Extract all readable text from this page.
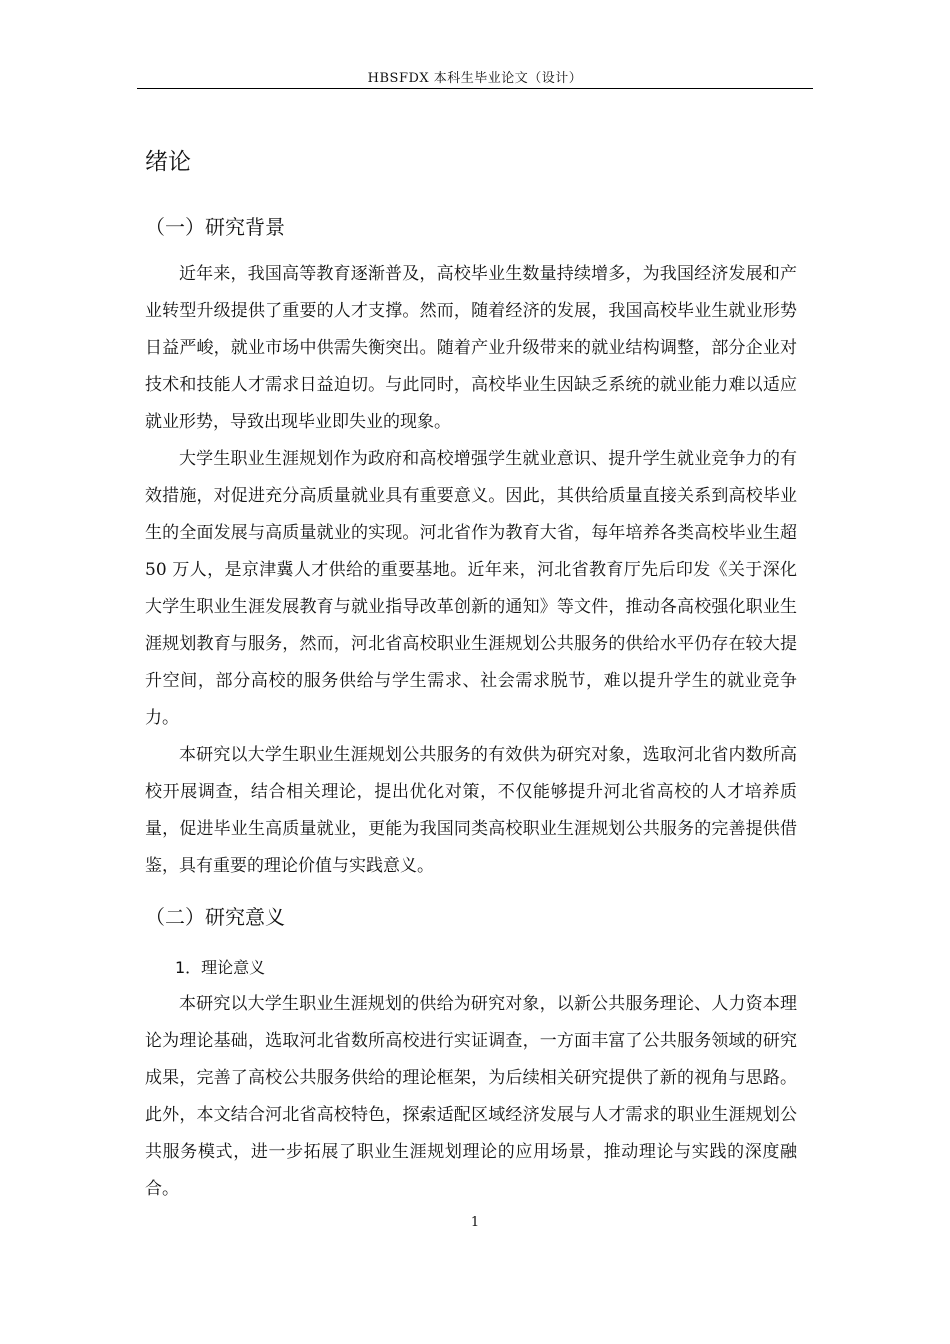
HBSFDX 本科生毕业论文（设计）
绪论
（一）研究背景

近年来，我国高等教育逐渐普及，高校毕业生数量持续增多，为我国经济发展和产业转型升级提供了重要的人才支撑。然而，随着经济的发展，我国高校毕业生就业形势日益严峻，就业市场中供需失衡突出。随着产业升级带来的就业结构调整，部分企业对技术和技能人才需求日益迫切。与此同时，高校毕业生因缺乏系统的就业能力难以适应就业形势，导致出现毕业即失业的现象。

大学生职业生涯规划作为政府和高校增强学生就业意识、提升学生就业竞争力的有效措施，对促进充分高质量就业具有重要意义。因此，其供给质量直接关系到高校毕业生的全面发展与高质量就业的实现。河北省作为教育大省，每年培养各类高校毕业生超 50 万人，是京津冀人才供给的重要基地。近年来，河北省教育厅先后印发《关于深化大学生职业生涯发展教育与就业指导改革创新的通知》等文件，推动各高校强化职业生涯规划教育与服务，然而，河北省高校职业生涯规划公共服务的供给水平仍存在较大提升空间，部分高校的服务供给与学生需求、社会需求脱节，难以提升学生的就业竞争力。

本研究以大学生职业生涯规划公共服务的有效供为研究对象，选取河北省内数所高校开展调查，结合相关理论，提出优化对策，不仅能够提升河北省高校的人才培养质量，促进毕业生高质量就业，更能为我国同类高校职业生涯规划公共服务的完善提供借鉴，具有重要的理论价值与实践意义。

（二）研究意义
1．理论意义

本研究以大学生职业生涯规划的供给为研究对象，以新公共服务理论、人力资本理论为理论基础，选取河北省数所高校进行实证调查，一方面丰富了公共服务领域的研究成果，完善了高校公共服务供给的理论框架，为后续相关研究提供了新的视角与思路。此外，本文结合河北省高校特色，探索适配区域经济发展与人才需求的职业生涯规划公共服务模式，进一步拓展了职业生涯规划理论的应用场景，推动理论与实践的深度融合。

1
